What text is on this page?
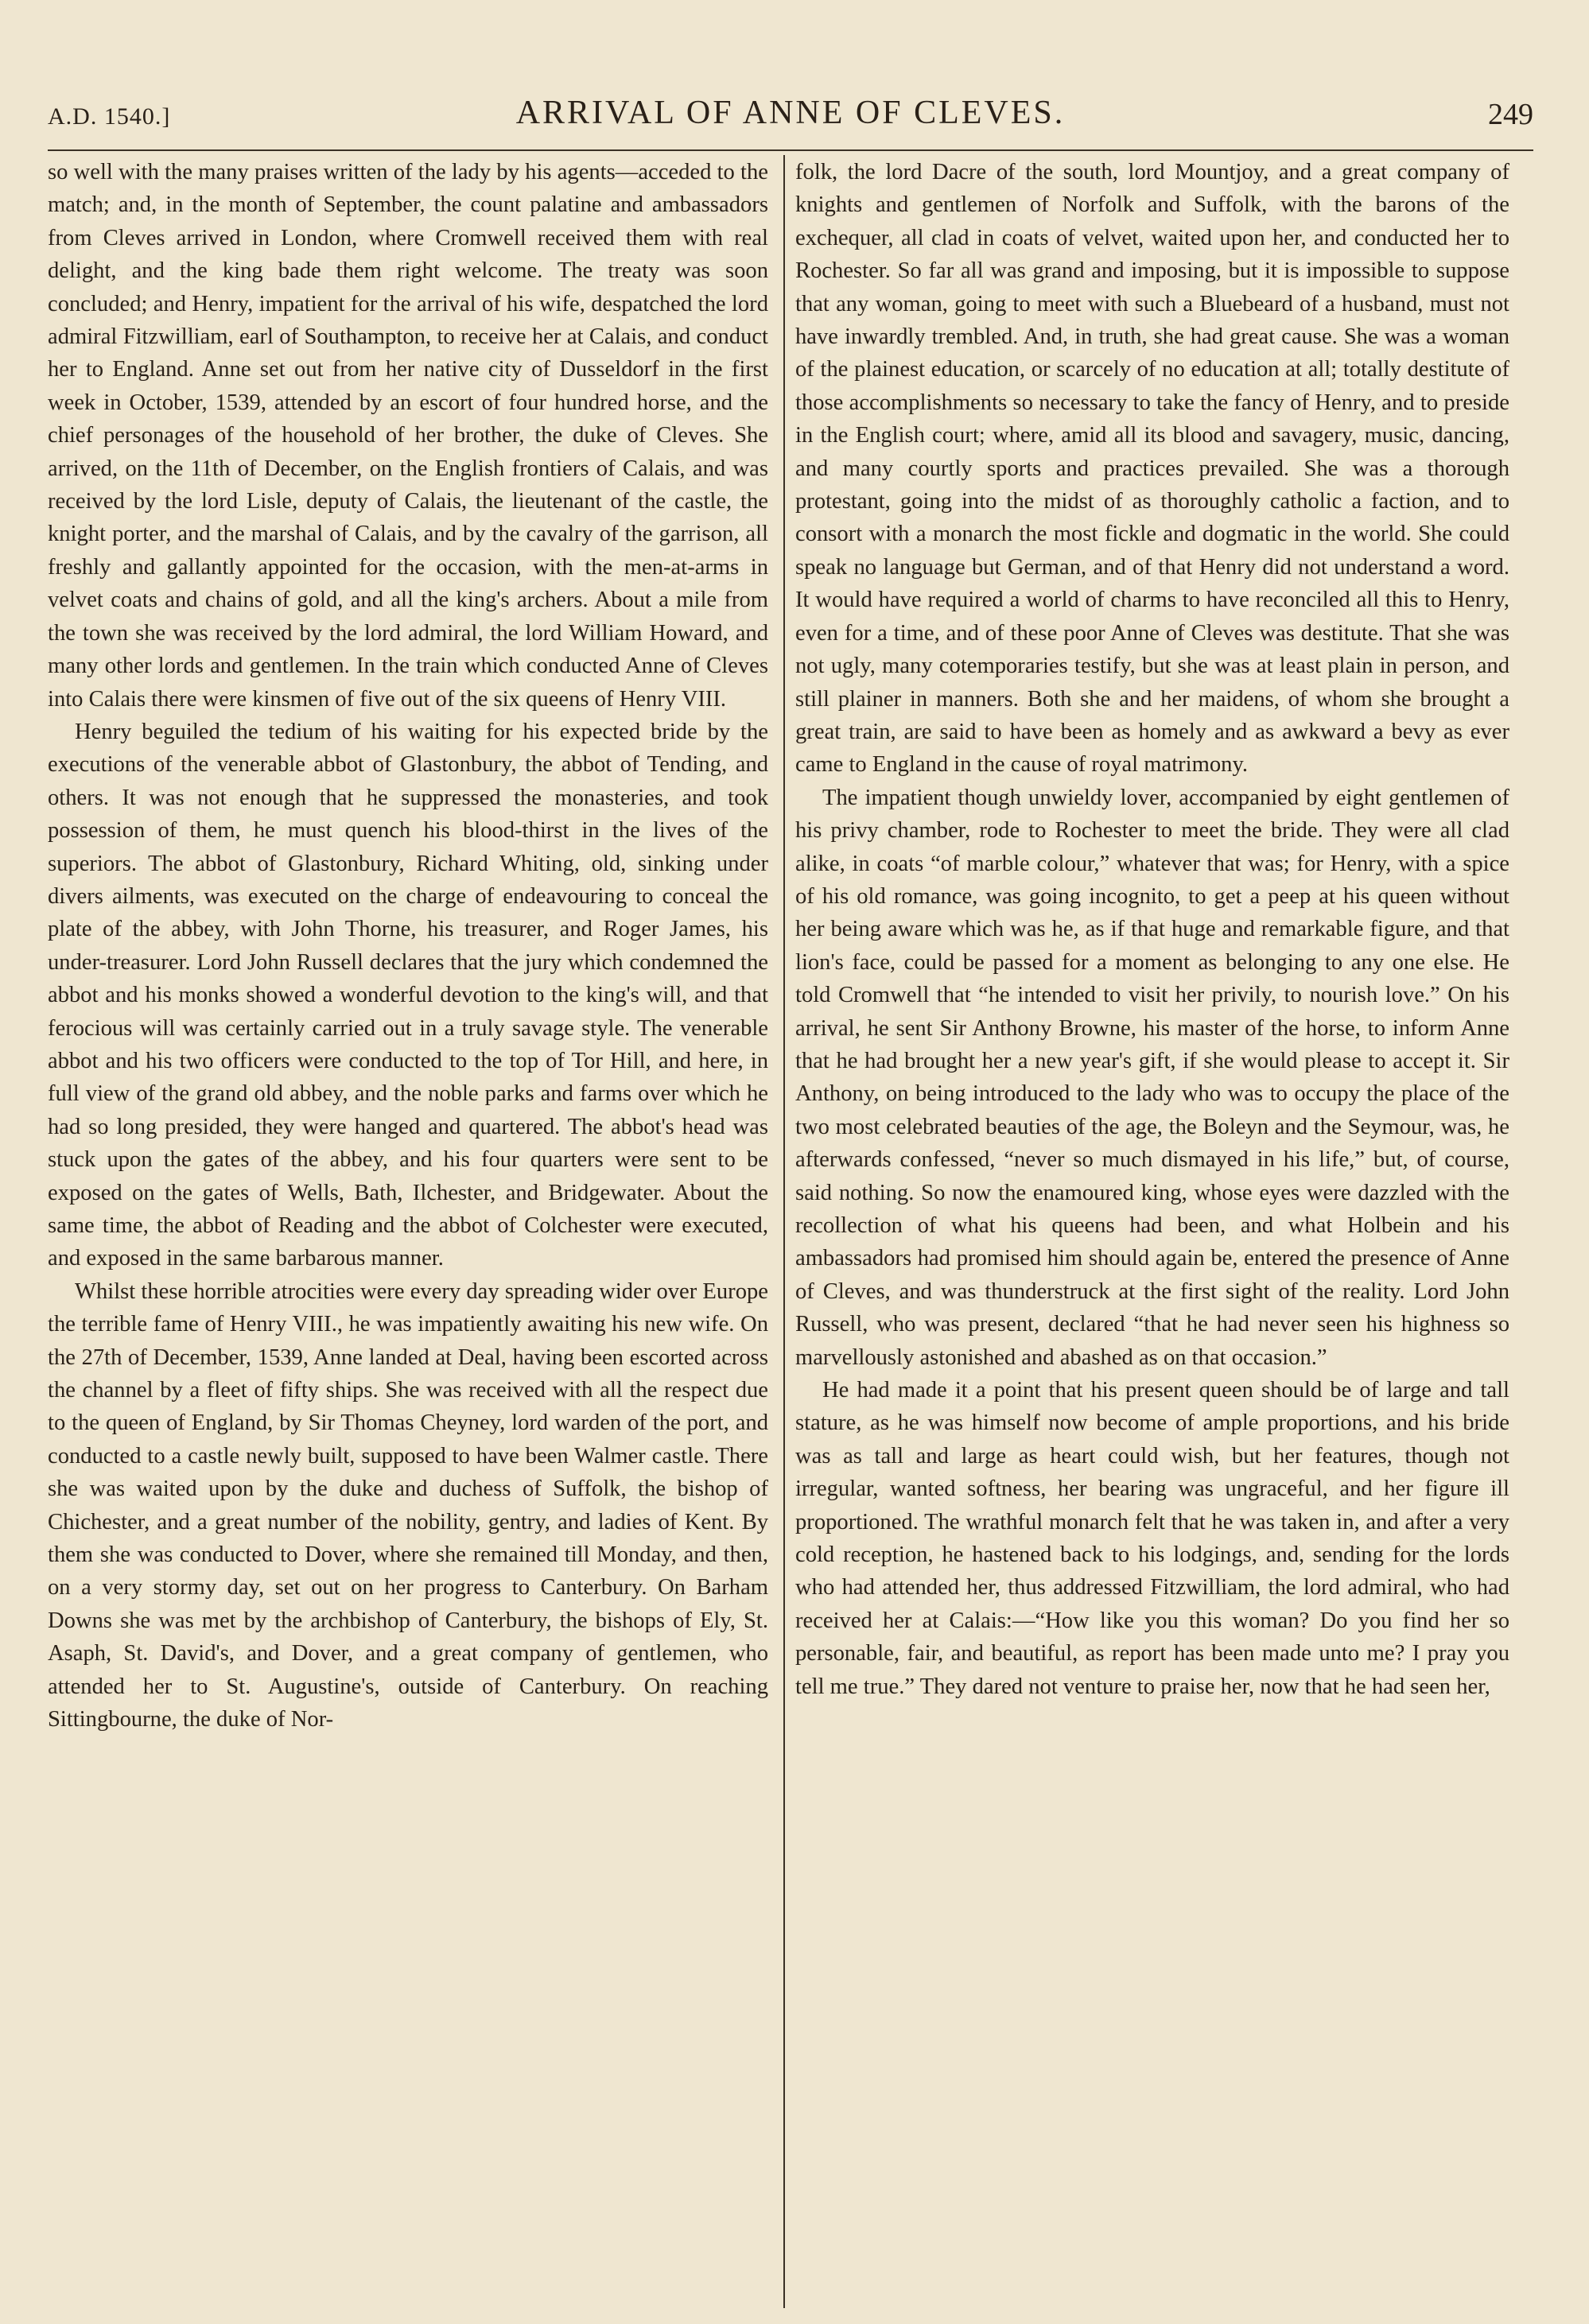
A.D. 1540.]	ARRIVAL OF ANNE OF CLEVES.	249

so well with the many praises written of the lady by his agents—acceded to the match; and, in the month of September, the count palatine and ambassadors from Cleves arrived in London, where Cromwell received them with real delight, and the king bade them right welcome. The treaty was soon concluded; and Henry, impatient for the arrival of his wife, despatched the lord admiral Fitzwilliam, earl of Southampton, to receive her at Calais, and conduct her to England. Anne set out from her native city of Dusseldorf in the first week in October, 1539, attended by an escort of four hundred horse, and the chief personages of the household of her brother, the duke of Cleves. She arrived, on the 11th of December, on the English frontiers of Calais, and was received by the lord Lisle, deputy of Calais, the lieutenant of the castle, the knight porter, and the marshal of Calais, and by the cavalry of the garrison, all freshly and gallantly appointed for the occasion, with the men-at-arms in velvet coats and chains of gold, and all the king's archers. About a mile from the town she was received by the lord admiral, the lord William Howard, and many other lords and gentlemen. In the train which conducted Anne of Cleves into Calais there were kinsmen of five out of the six queens of Henry VIII.

Henry beguiled the tedium of his waiting for his expected bride by the executions of the venerable abbot of Glastonbury, the abbot of Tending, and others. It was not enough that he suppressed the monasteries, and took possession of them, he must quench his blood-thirst in the lives of the superiors. The abbot of Glastonbury, Richard Whiting, old, sinking under divers ailments, was executed on the charge of endeavouring to conceal the plate of the abbey, with John Thorne, his treasurer, and Roger James, his under-treasurer. Lord John Russell declares that the jury which condemned the abbot and his monks showed a wonderful devotion to the king's will, and that ferocious will was certainly carried out in a truly savage style. The venerable abbot and his two officers were conducted to the top of Tor Hill, and here, in full view of the grand old abbey, and the noble parks and farms over which he had so long presided, they were hanged and quartered. The abbot's head was stuck upon the gates of the abbey, and his four quarters were sent to be exposed on the gates of Wells, Bath, Ilchester, and Bridgewater. About the same time, the abbot of Reading and the abbot of Colchester were executed, and exposed in the same barbarous manner.

Whilst these horrible atrocities were every day spreading wider over Europe the terrible fame of Henry VIII., he was impatiently awaiting his new wife. On the 27th of December, 1539, Anne landed at Deal, having been escorted across the channel by a fleet of fifty ships. She was received with all the respect due to the queen of England, by Sir Thomas Cheyney, lord warden of the port, and conducted to a castle newly built, supposed to have been Walmer castle. There she was waited upon by the duke and duchess of Suffolk, the bishop of Chichester, and a great number of the nobility, gentry, and ladies of Kent. By them she was conducted to Dover, where she remained till Monday, and then, on a very stormy day, set out on her progress to Canterbury. On Barham Downs she was met by the archbishop of Canterbury, the bishops of Ely, St. Asaph, St. David's, and Dover, and a great company of gentlemen, who attended her to St. Augustine's, outside of Canterbury. On reaching Sittingbourne, the duke of Nor-

folk, the lord Dacre of the south, lord Mountjoy, and a great company of knights and gentlemen of Norfolk and Suffolk, with the barons of the exchequer, all clad in coats of velvet, waited upon her, and conducted her to Rochester. So far all was grand and imposing, but it is impossible to suppose that any woman, going to meet with such a Bluebeard of a husband, must not have inwardly trembled. And, in truth, she had great cause. She was a woman of the plainest education, or scarcely of no education at all; totally destitute of those accomplishments so necessary to take the fancy of Henry, and to preside in the English court; where, amid all its blood and savagery, music, dancing, and many courtly sports and practices prevailed. She was a thorough protestant, going into the midst of as thoroughly catholic a faction, and to consort with a monarch the most fickle and dogmatic in the world. She could speak no language but German, and of that Henry did not understand a word. It would have required a world of charms to have reconciled all this to Henry, even for a time, and of these poor Anne of Cleves was destitute. That she was not ugly, many cotemporaries testify, but she was at least plain in person, and still plainer in manners. Both she and her maidens, of whom she brought a great train, are said to have been as homely and as awkward a bevy as ever came to England in the cause of royal matrimony.

The impatient though unwieldy lover, accompanied by eight gentlemen of his privy chamber, rode to Rochester to meet the bride. They were all clad alike, in coats “of marble colour,” whatever that was; for Henry, with a spice of his old romance, was going incognito, to get a peep at his queen without her being aware which was he, as if that huge and remarkable figure, and that lion's face, could be passed for a moment as belonging to any one else. He told Cromwell that “he intended to visit her privily, to nourish love.” On his arrival, he sent Sir Anthony Browne, his master of the horse, to inform Anne that he had brought her a new year's gift, if she would please to accept it. Sir Anthony, on being introduced to the lady who was to occupy the place of the two most celebrated beauties of the age, the Boleyn and the Seymour, was, he afterwards confessed, “never so much dismayed in his life,” but, of course, said nothing. So now the enamoured king, whose eyes were dazzled with the recollection of what his queens had been, and what Holbein and his ambassadors had promised him should again be, entered the presence of Anne of Cleves, and was thunderstruck at the first sight of the reality. Lord John Russell, who was present, declared “that he had never seen his highness so marvellously astonished and abashed as on that occasion.”

He had made it a point that his present queen should be of large and tall stature, as he was himself now become of ample proportions, and his bride was as tall and large as heart could wish, but her features, though not irregular, wanted softness, her bearing was ungraceful, and her figure ill proportioned. The wrathful monarch felt that he was taken in, and after a very cold reception, he hastened back to his lodgings, and, sending for the lords who had attended her, thus addressed Fitzwilliam, the lord admiral, who had received her at Calais:—“How like you this woman? Do you find her so personable, fair, and beautiful, as report has been made unto me? I pray you tell me true.” They dared not venture to praise her, now that he had seen her,
